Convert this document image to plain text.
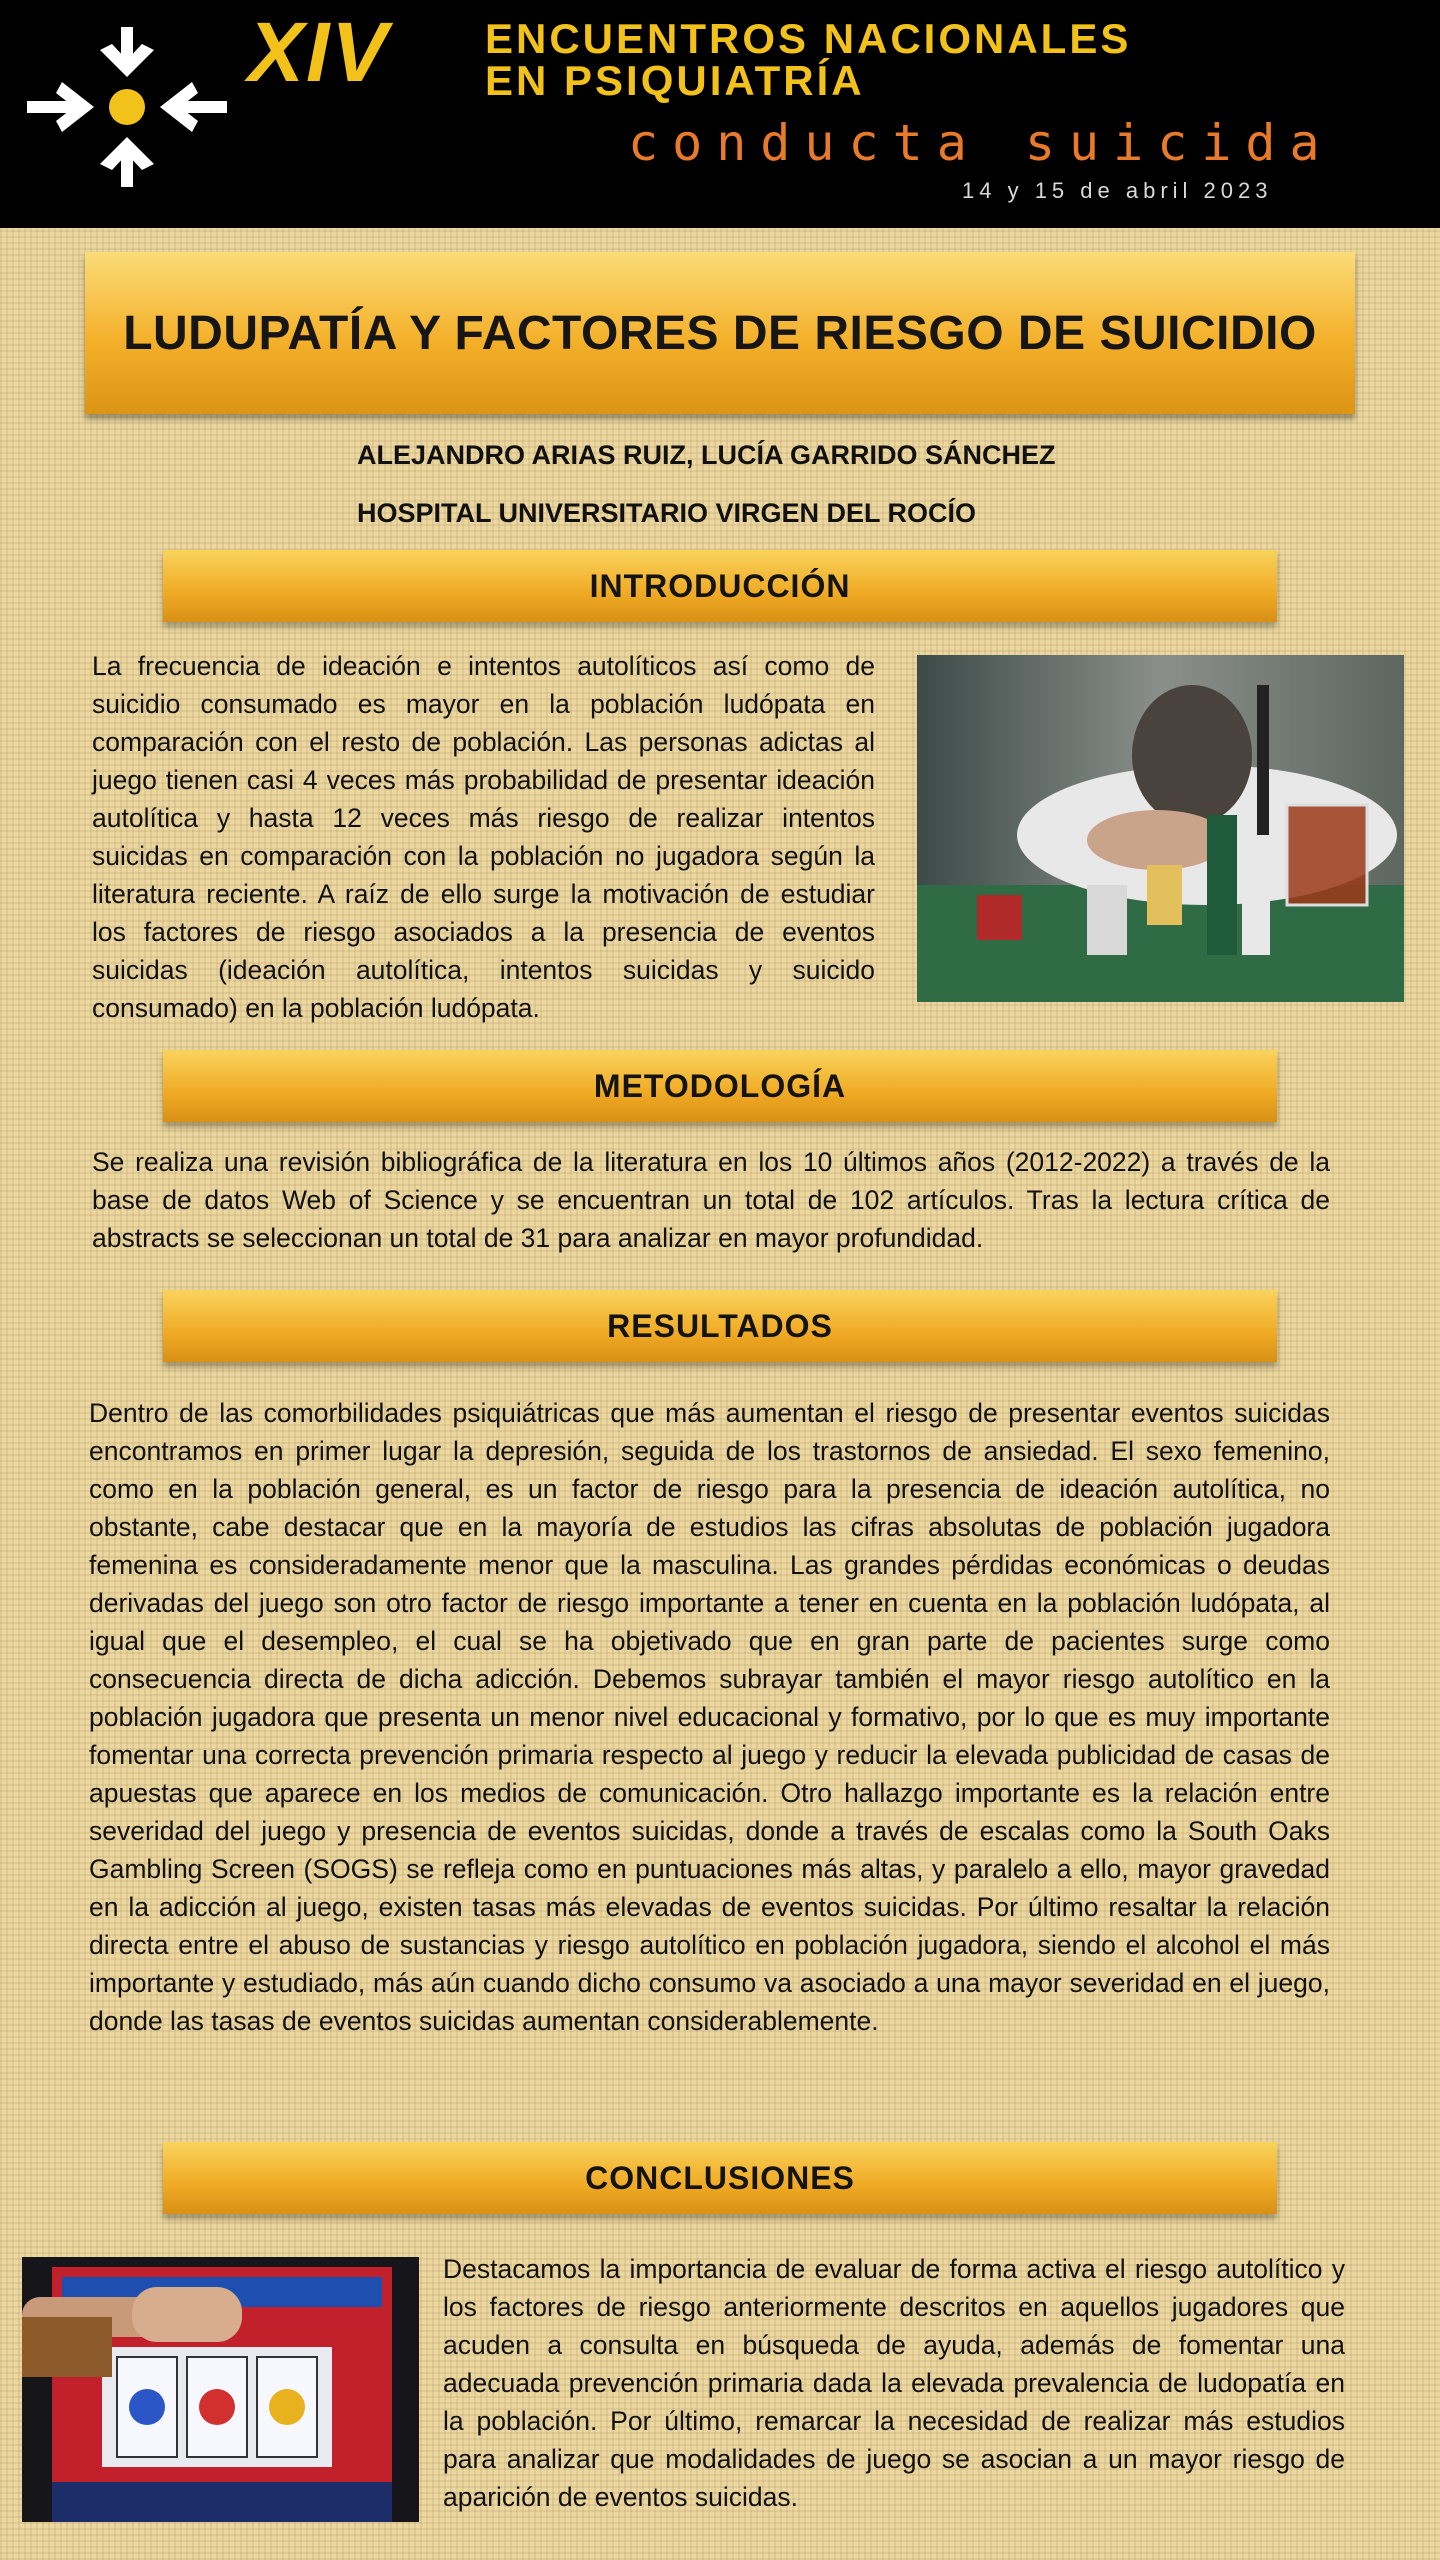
XIV ENCUENTROS NACIONALES
EN PSIQUIATRÍA
conducta suicida
14 y 15 de abril 2023
LUDUPATÍA Y FACTORES DE RIESGO DE SUICIDIO
ALEJANDRO ARIAS RUIZ, LUCÍA GARRIDO SÁNCHEZ
HOSPITAL UNIVERSITARIO VIRGEN DEL ROCÍO
INTRODUCCIÓN
La frecuencia de ideación e intentos autolíticos así como de suicidio consumado es mayor en la población ludópata en comparación con el resto de población. Las personas adictas al juego tienen casi 4 veces más probabilidad de presentar ideación autolítica y hasta 12 veces más riesgo de realizar intentos suicidas en comparación con la población no jugadora según la literatura reciente. A raíz de ello surge la motivación de estudiar los factores de riesgo asociados a la presencia de eventos suicidas (ideación autolítica, intentos suicidas y suicido consumado) en la población ludópata.
METODOLOGÍA
Se realiza una revisión bibliográfica de la literatura en los 10 últimos años (2012-2022) a través de la base de datos Web of Science y se encuentran un total de 102 artículos. Tras la lectura crítica de abstracts se seleccionan un total de 31 para analizar en mayor profundidad.
RESULTADOS
Dentro de las comorbilidades psiquiátricas que más aumentan el riesgo de presentar eventos suicidas encontramos en primer lugar la depresión, seguida de los trastornos de ansiedad. El sexo femenino, como en la población general, es un factor de riesgo para la presencia de ideación autolítica, no obstante, cabe destacar que en la mayoría de estudios las cifras absolutas de población jugadora femenina es consideradamente menor que la masculina. Las grandes pérdidas económicas o deudas derivadas del juego son otro factor de riesgo importante a tener en cuenta en la población ludópata, al igual que el desempleo, el cual se ha objetivado que en gran parte de pacientes surge como consecuencia directa de dicha adicción. Debemos subrayar también el mayor riesgo autolítico en la población jugadora que presenta un menor nivel educacional y formativo, por lo que es muy importante fomentar una correcta prevención primaria respecto al juego y reducir la elevada publicidad de casas de apuestas que aparece en los medios de comunicación. Otro hallazgo importante es la relación entre severidad del juego y presencia de eventos suicidas, donde a través de escalas como la South Oaks Gambling Screen (SOGS) se refleja como en puntuaciones más altas, y paralelo a ello, mayor gravedad en la adicción al juego, existen tasas más elevadas de eventos suicidas. Por último resaltar la relación directa entre el abuso de sustancias y riesgo autolítico en población jugadora, siendo el alcohol el más importante y estudiado, más aún cuando dicho consumo va asociado a una mayor severidad en el juego, donde las tasas de eventos suicidas aumentan considerablemente.
CONCLUSIONES
Destacamos la importancia de evaluar de forma activa el riesgo autolítico y los factores de riesgo anteriormente descritos en aquellos jugadores que acuden a consulta en búsqueda de ayuda, además de fomentar una adecuada prevención primaria dada la elevada prevalencia de ludopatía en la población. Por último, remarcar la necesidad de realizar más estudios para analizar que modalidades de juego se asocian a un mayor riesgo de aparición de eventos suicidas.
